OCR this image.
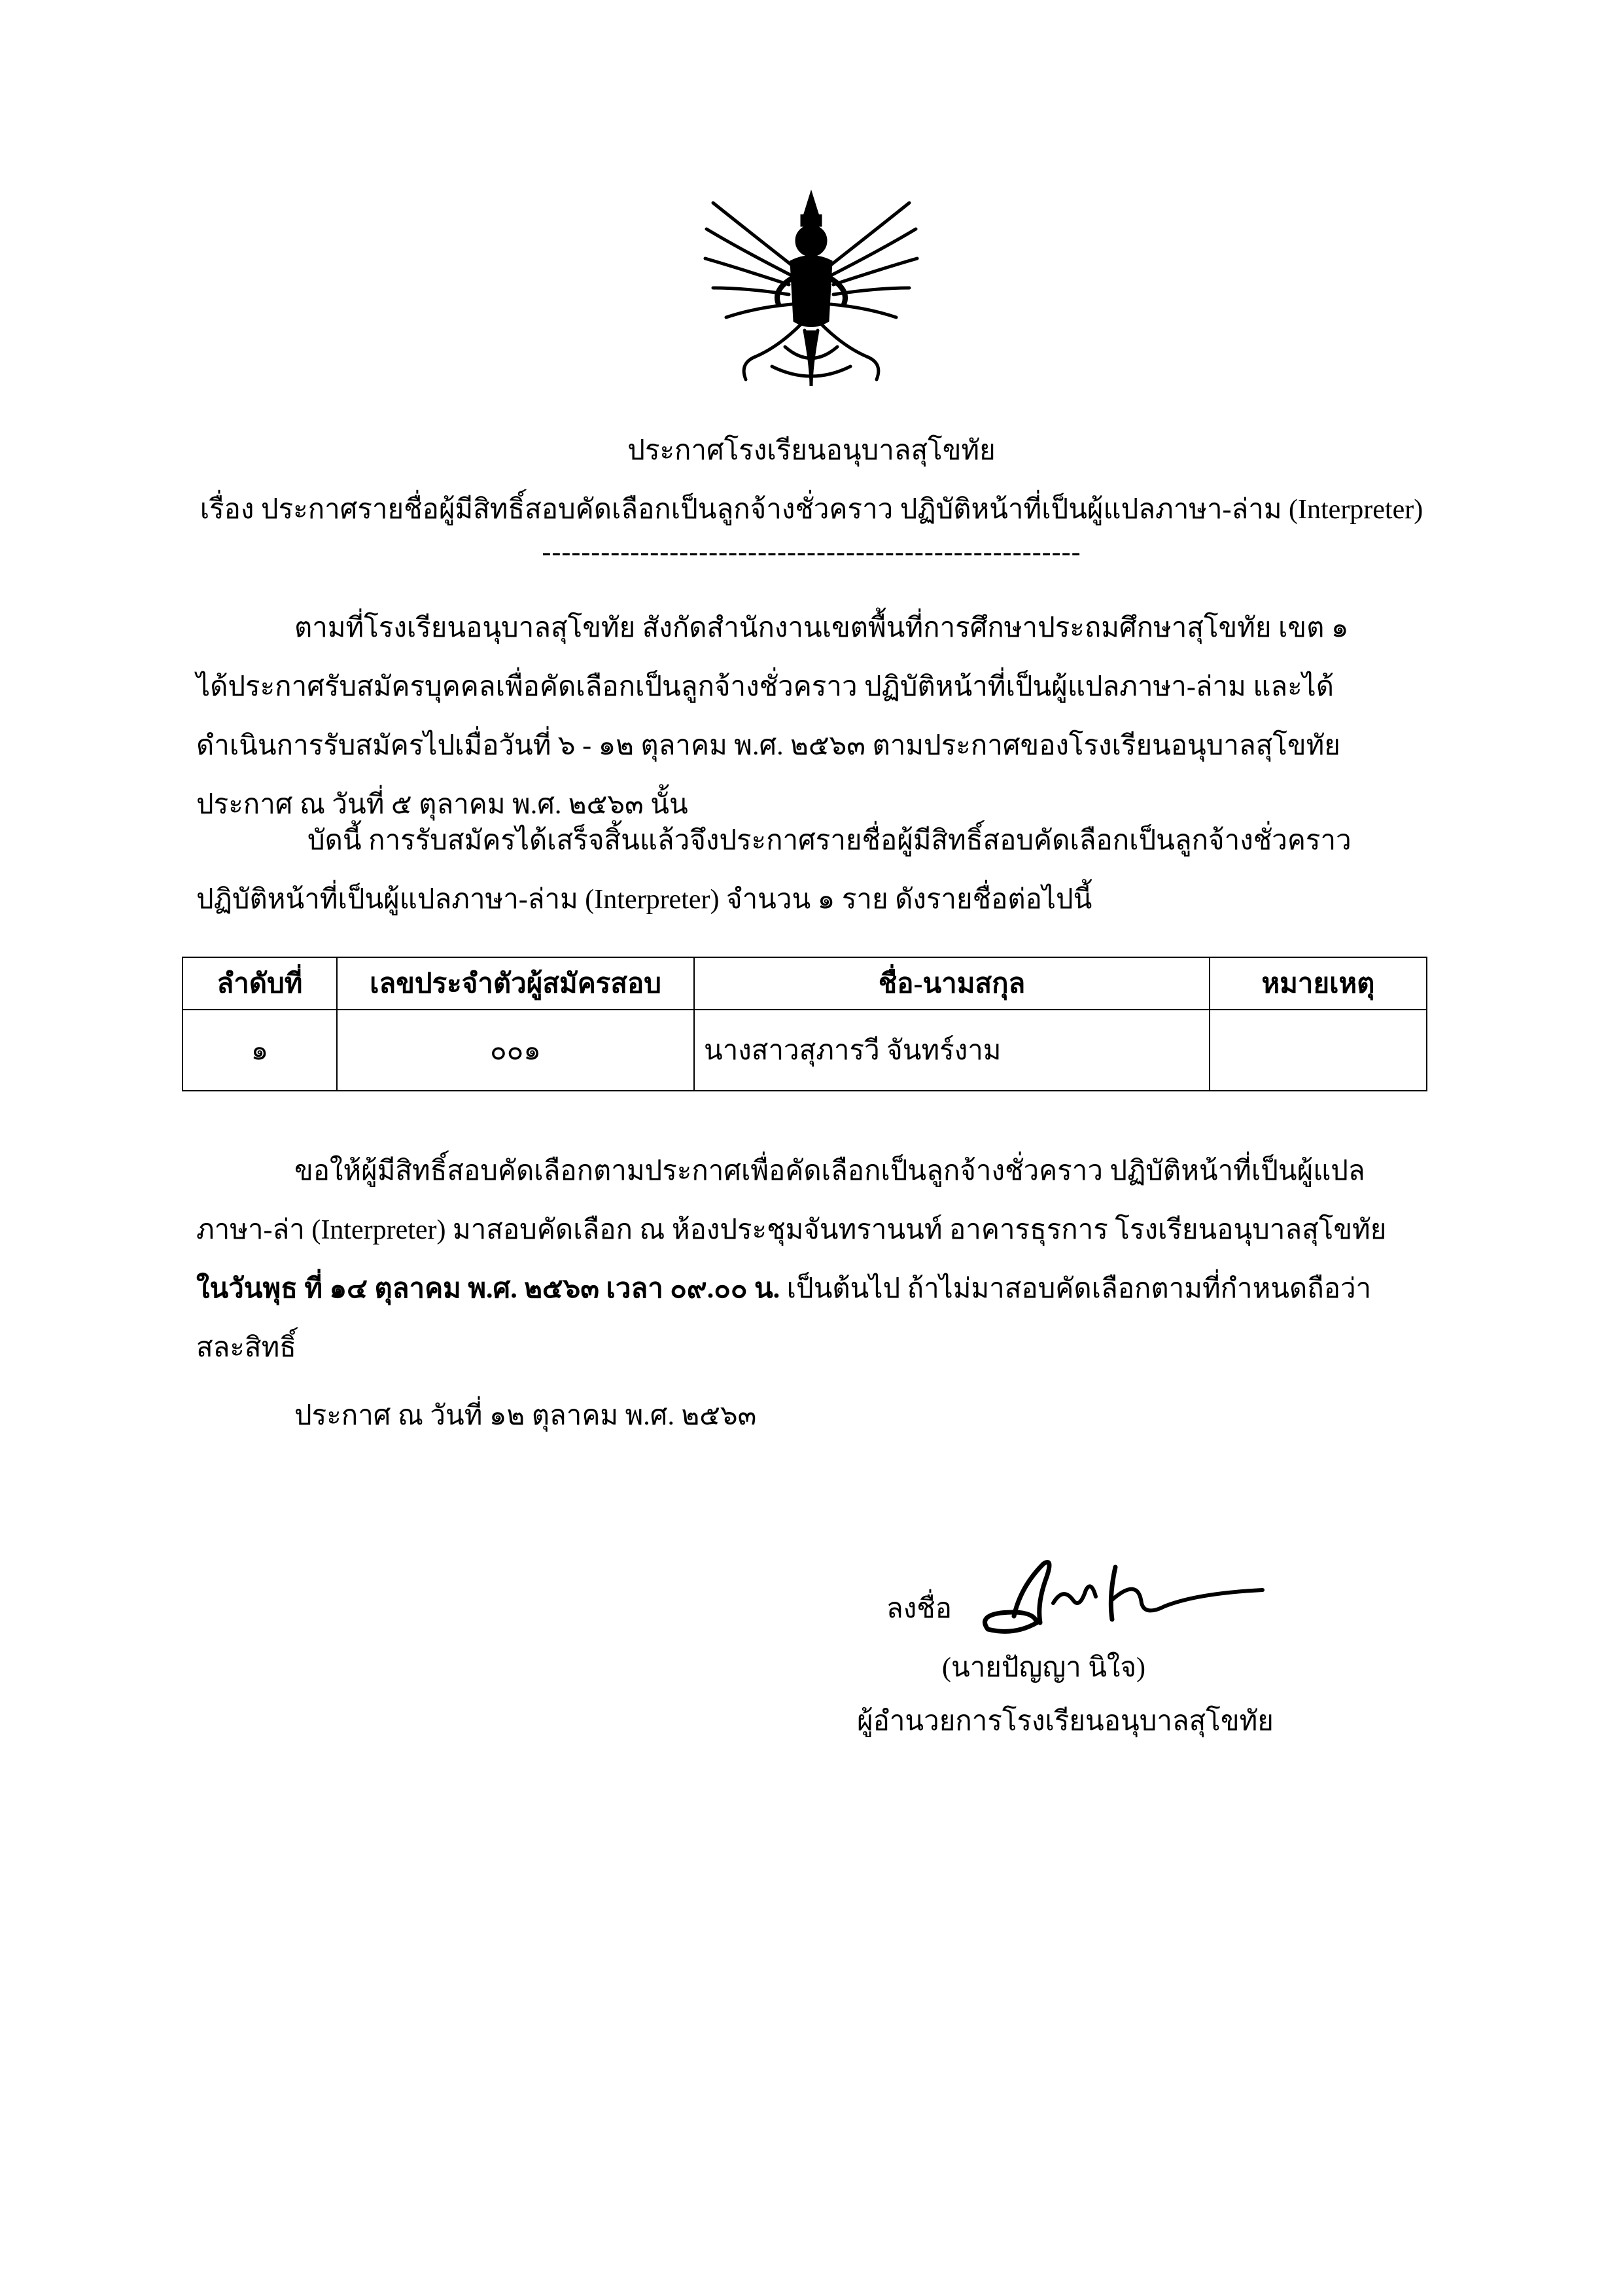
ประกาศโรงเรียนอนุบาลสุโขทัย
เรื่อง ประกาศรายชื่อผู้มีสิทธิ์สอบคัดเลือกเป็นลูกจ้างชั่วคราว ปฏิบัติหน้าที่เป็นผู้แปลภาษา-ล่าม (Interpreter)
-------------------------------------------------------
ตามที่โรงเรียนอนุบาลสุโขทัย สังกัดสำนักงานเขตพื้นที่การศึกษาประถมศึกษาสุโขทัย เขต ๑
ได้ประกาศรับสมัครบุคคลเพื่อคัดเลือกเป็นลูกจ้างชั่วคราว ปฏิบัติหน้าที่เป็นผู้แปลภาษา-ล่าม และได้
ดำเนินการรับสมัครไปเมื่อวันที่ ๖ - ๑๒ ตุลาคม พ.ศ. ๒๕๖๓ ตามประกาศของโรงเรียนอนุบาลสุโขทัย
ประกาศ ณ วันที่ ๕ ตุลาคม พ.ศ. ๒๕๖๓ นั้น
บัดนี้ การรับสมัครได้เสร็จสิ้นแล้วจึงประกาศรายชื่อผู้มีสิทธิ์สอบคัดเลือกเป็นลูกจ้างชั่วคราว
ปฏิบัติหน้าที่เป็นผู้แปลภาษา-ล่าม (Interpreter) จำนวน ๑ ราย ดังรายชื่อต่อไปนี้
ลำดับที่	เลขประจำตัวผู้สมัครสอบ	ชื่อ-นามสกุล	หมายเหตุ
๑	๐๐๑	นางสาวสุภารวี จันทร์งาม	
ขอให้ผู้มีสิทธิ์สอบคัดเลือกตามประกาศเพื่อคัดเลือกเป็นลูกจ้างชั่วคราว ปฏิบัติหน้าที่เป็นผู้แปล
ภาษา-ล่า (Interpreter) มาสอบคัดเลือก ณ ห้องประชุมจันทรานนท์ อาคารธุรการ โรงเรียนอนุบาลสุโขทัย
ในวันพุธ ที่ ๑๔ ตุลาคม พ.ศ. ๒๕๖๓ เวลา ๐๙.๐๐ น. เป็นต้นไป ถ้าไม่มาสอบคัดเลือกตามที่กำหนดถือว่า
สละสิทธิ์
ประกาศ ณ วันที่ ๑๒ ตุลาคม พ.ศ. ๒๕๖๓
ลงชื่อ
(นายปัญญา นิใจ)
ผู้อำนวยการโรงเรียนอนุบาลสุโขทัย
